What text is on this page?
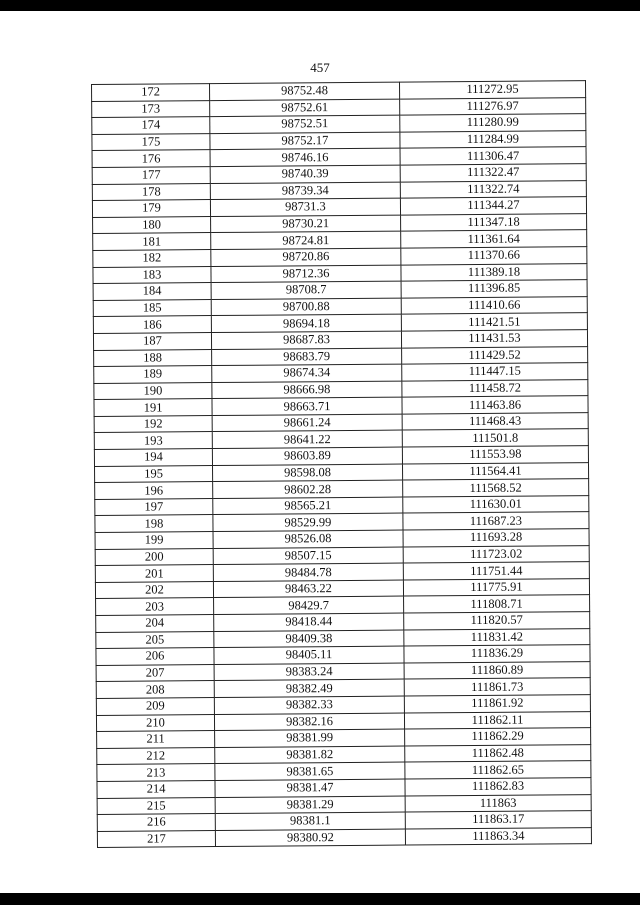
457
172	98752.48	111272.95
173	98752.61	111276.97
174	98752.51	111280.99
175	98752.17	111284.99
176	98746.16	111306.47
177	98740.39	111322.47
178	98739.34	111322.74
179	98731.3	111344.27
180	98730.21	111347.18
181	98724.81	111361.64
182	98720.86	111370.66
183	98712.36	111389.18
184	98708.7	111396.85
185	98700.88	111410.66
186	98694.18	111421.51
187	98687.83	111431.53
188	98683.79	111429.52
189	98674.34	111447.15
190	98666.98	111458.72
191	98663.71	111463.86
192	98661.24	111468.43
193	98641.22	111501.8
194	98603.89	111553.98
195	98598.08	111564.41
196	98602.28	111568.52
197	98565.21	111630.01
198	98529.99	111687.23
199	98526.08	111693.28
200	98507.15	111723.02
201	98484.78	111751.44
202	98463.22	111775.91
203	98429.7	111808.71
204	98418.44	111820.57
205	98409.38	111831.42
206	98405.11	111836.29
207	98383.24	111860.89
208	98382.49	111861.73
209	98382.33	111861.92
210	98382.16	111862.11
211	98381.99	111862.29
212	98381.82	111862.48
213	98381.65	111862.65
214	98381.47	111862.83
215	98381.29	111863
216	98381.1	111863.17
217	98380.92	111863.34
